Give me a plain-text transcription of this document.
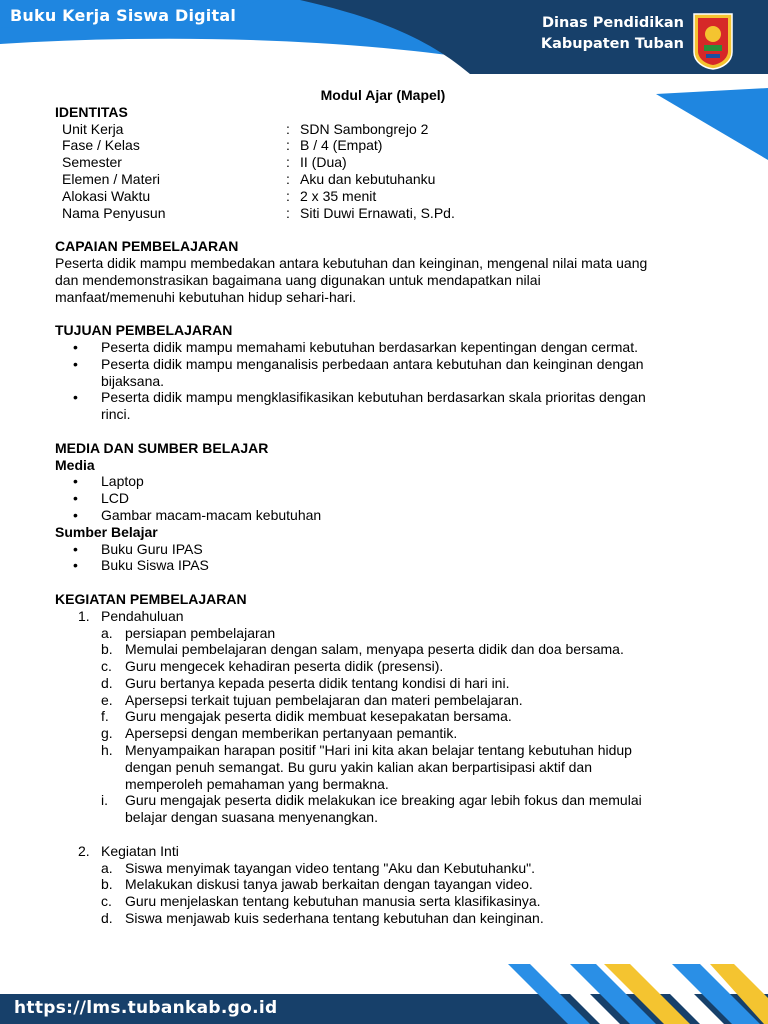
Buku Kerja Siswa Digital	Dinas Pendidikan
Kabupaten Tuban
Modul Ajar (Mapel)
IDENTITAS
Unit Kerja	: SDN Sambongrejo 2
Fase / Kelas	: B / 4 (Empat)
Semester	: II (Dua)
Elemen / Materi	: Aku dan kebutuhanku
Alokasi Waktu	: 2 x 35 menit
Nama Penyusun	: Siti Duwi Ernawati, S.Pd.
CAPAIAN PEMBELAJARAN
Peserta didik mampu membedakan antara kebutuhan dan keinginan, mengenal nilai mata uang
dan mendemonstrasikan bagaimana uang digunakan untuk mendapatkan nilai
manfaat/memenuhi kebutuhan hidup sehari-hari.
TUJUAN PEMBELAJARAN
• Peserta didik mampu memahami kebutuhan berdasarkan kepentingan dengan cermat.
• Peserta didik mampu menganalisis perbedaan antara kebutuhan dan keinginan dengan
bijaksana.
• Peserta didik mampu mengklasifikasikan kebutuhan berdasarkan skala prioritas dengan
rinci.
MEDIA DAN SUMBER BELAJAR
Media
• Laptop
• LCD
• Gambar macam-macam kebutuhan
Sumber Belajar
• Buku Guru IPAS
• Buku Siswa IPAS
KEGIATAN PEMBELAJARAN
1. Pendahuluan
a. persiapan pembelajaran
b. Memulai pembelajaran dengan salam, menyapa peserta didik dan doa bersama.
c. Guru mengecek kehadiran peserta didik (presensi).
d. Guru bertanya kepada peserta didik tentang kondisi di hari ini.
e. Apersepsi terkait tujuan pembelajaran dan materi pembelajaran.
f. Guru mengajak peserta didik membuat kesepakatan bersama.
g. Apersepsi dengan memberikan pertanyaan pemantik.
h. Menyampaikan harapan positif "Hari ini kita akan belajar tentang kebutuhan hidup
dengan penuh semangat. Bu guru yakin kalian akan berpartisipasi aktif dan
memperoleh pemahaman yang bermakna.
i. Guru mengajak peserta didik melakukan ice breaking agar lebih fokus dan memulai
belajar dengan suasana menyenangkan.
2. Kegiatan Inti
a. Siswa menyimak tayangan video tentang "Aku dan Kebutuhanku".
b. Melakukan diskusi tanya jawab berkaitan dengan tayangan video.
c. Guru menjelaskan tentang kebutuhan manusia serta klasifikasinya.
d. Siswa menjawab kuis sederhana tentang kebutuhan dan keinginan.
https://lms.tubankab.go.id
